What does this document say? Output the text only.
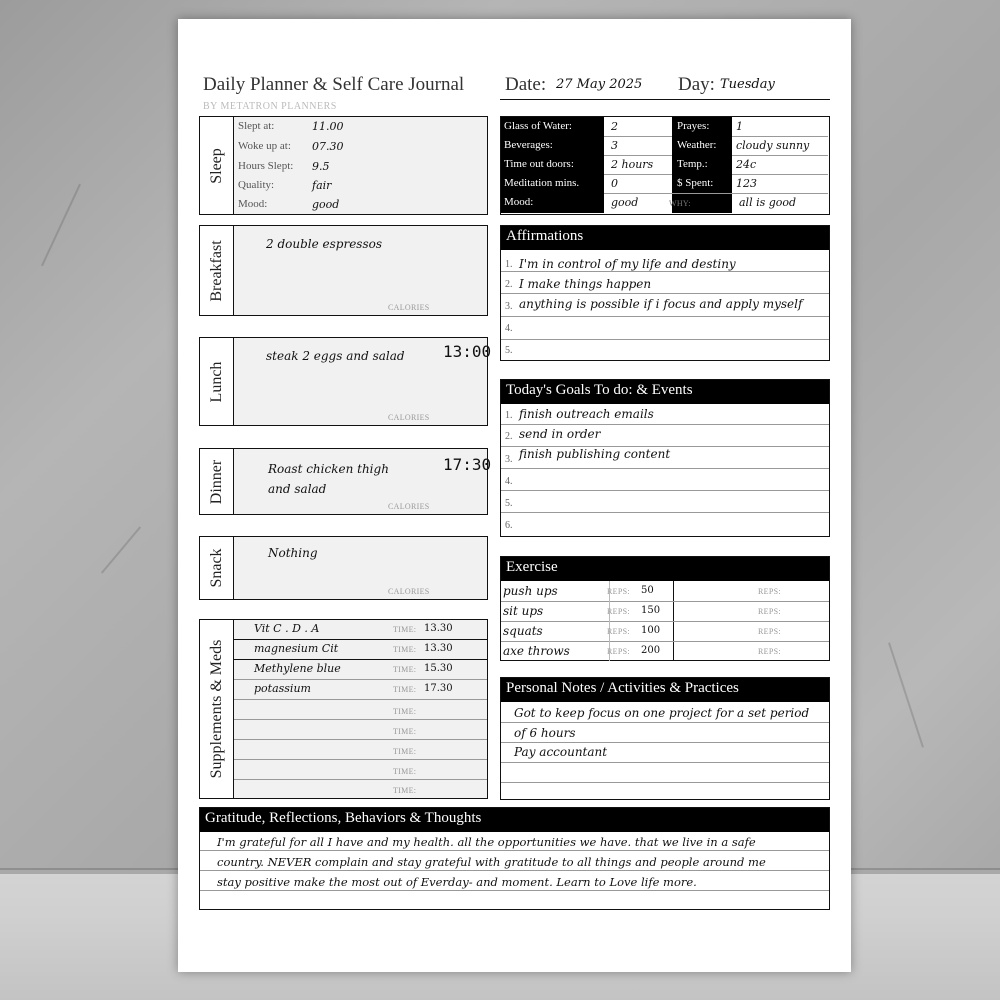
Daily Planner & Self Care Journal
BY METATRON PLANNERS
Date: 27 May 2025 Day: Tuesday
Sleep
Slept at:	11.00
Woke up at: 07.30
Hours Slept: 9.5
Quality:	fair
Mood:	good
Glass of Water:	2	Prayes: 1
Beverages:	3	Weather: cloudy sunny
Time out doors:	2 hours Temp.:	24c
Meditation mins.	0	$ Spent: 123
Mood:	good	WHY:	all is good
Breakfast	2 double espressos
CALORIES
Lunch
steak 2 eggs and salad 13:00
CALORIES
Dinner	Roast chicken thigh
and salad
17:30
CALORIES
Snack	Nothing
CALORIES
Supplements & Meds
Vit C . D . A	TIME: 13.30
magnesium Cit	TIME: 13.30
Methylene blue	TIME: 15.30
potassium	TIME: 17.30
TIME:
TIME:
TIME:
TIME:
TIME:
Affirmations
1. I'm in control of my life and destiny
2. I make things happen
3. anything is possible if i focus and apply myself
4.
5.
Today's Goals To do: & Events
1. finish outreach emails
2. send in order
3. finish publishing content
4.
5.
6.
Exercise
push ups	REPS: 50
sit ups	REPS: 150
squats	REPS: 100
axe throws	REPS: 200
REPS:
REPS:
REPS:
REPS:
Personal Notes / Activities & Practices
Got to keep focus on one project for a set period
of 6 hours
Pay accountant
Gratitude, Reflections, Behaviors & Thoughts
I'm grateful for all I have and my health. all the opportunities we have. that we live in a safe
country. NEVER complain and stay grateful with gratitude to all things and people around me
stay positive make the most out of Everday- and moment. Learn to Love life more.
